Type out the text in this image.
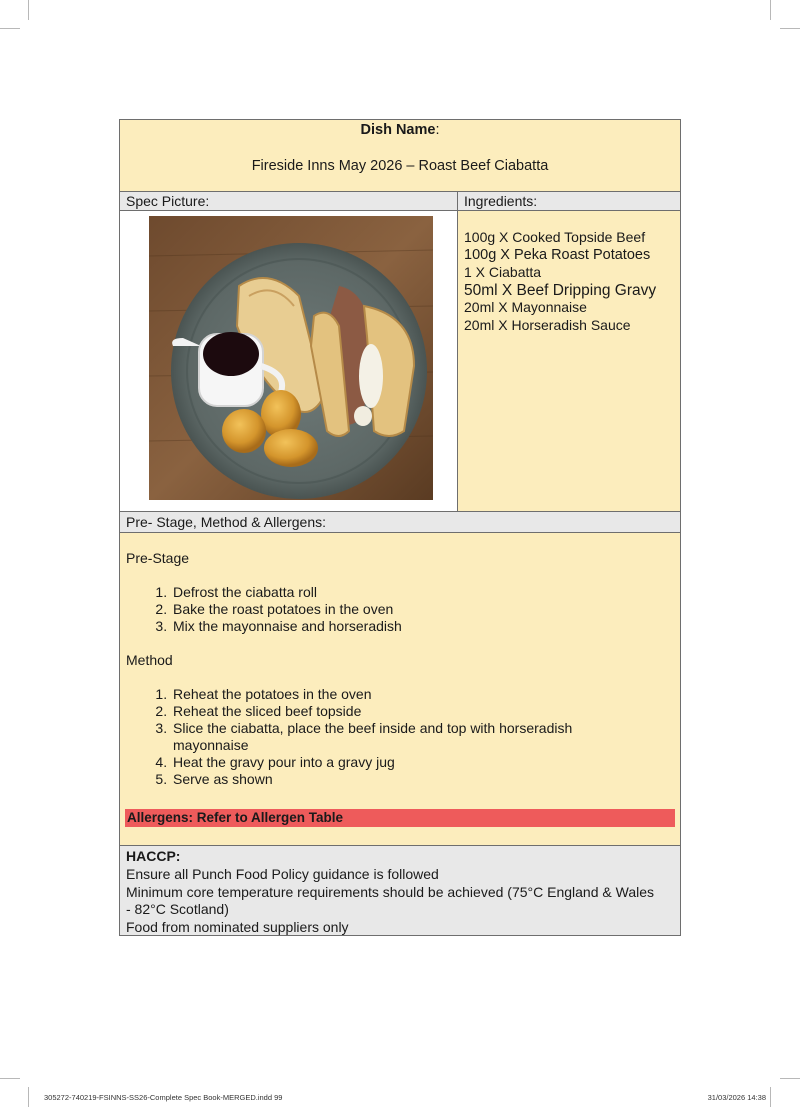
Dish Name:
Fireside Inns May 2026 – Roast Beef Ciabatta
Spec Picture:	Ingredients:
100g X Cooked Topside Beef
100g X Peka Roast Potatoes
1 X Ciabatta
50ml X Beef Dripping Gravy
20ml X Mayonnaise
20ml X Horseradish Sauce
Pre- Stage, Method & Allergens:

Pre-Stage

1. Defrost the ciabatta roll
2. Bake the roast potatoes in the oven
3. Mix the mayonnaise and horseradish

Method

1. Reheat the potatoes in the oven
2. Reheat the sliced beef topside
3. Slice the ciabatta, place the beef inside and top with horseradish mayonnaise
4. Heat the gravy pour into a gravy jug
5. Serve as shown
Allergens: Refer to Allergen Table
HACCP:
Ensure all Punch Food Policy guidance is followed
Minimum core temperature requirements should be achieved (75°C England & Wales - 82°C Scotland)
Food from nominated suppliers only
305272-740219-FSINNS-SS26-Complete Spec Book-MERGED.indd 99	31/03/2026 14:38
